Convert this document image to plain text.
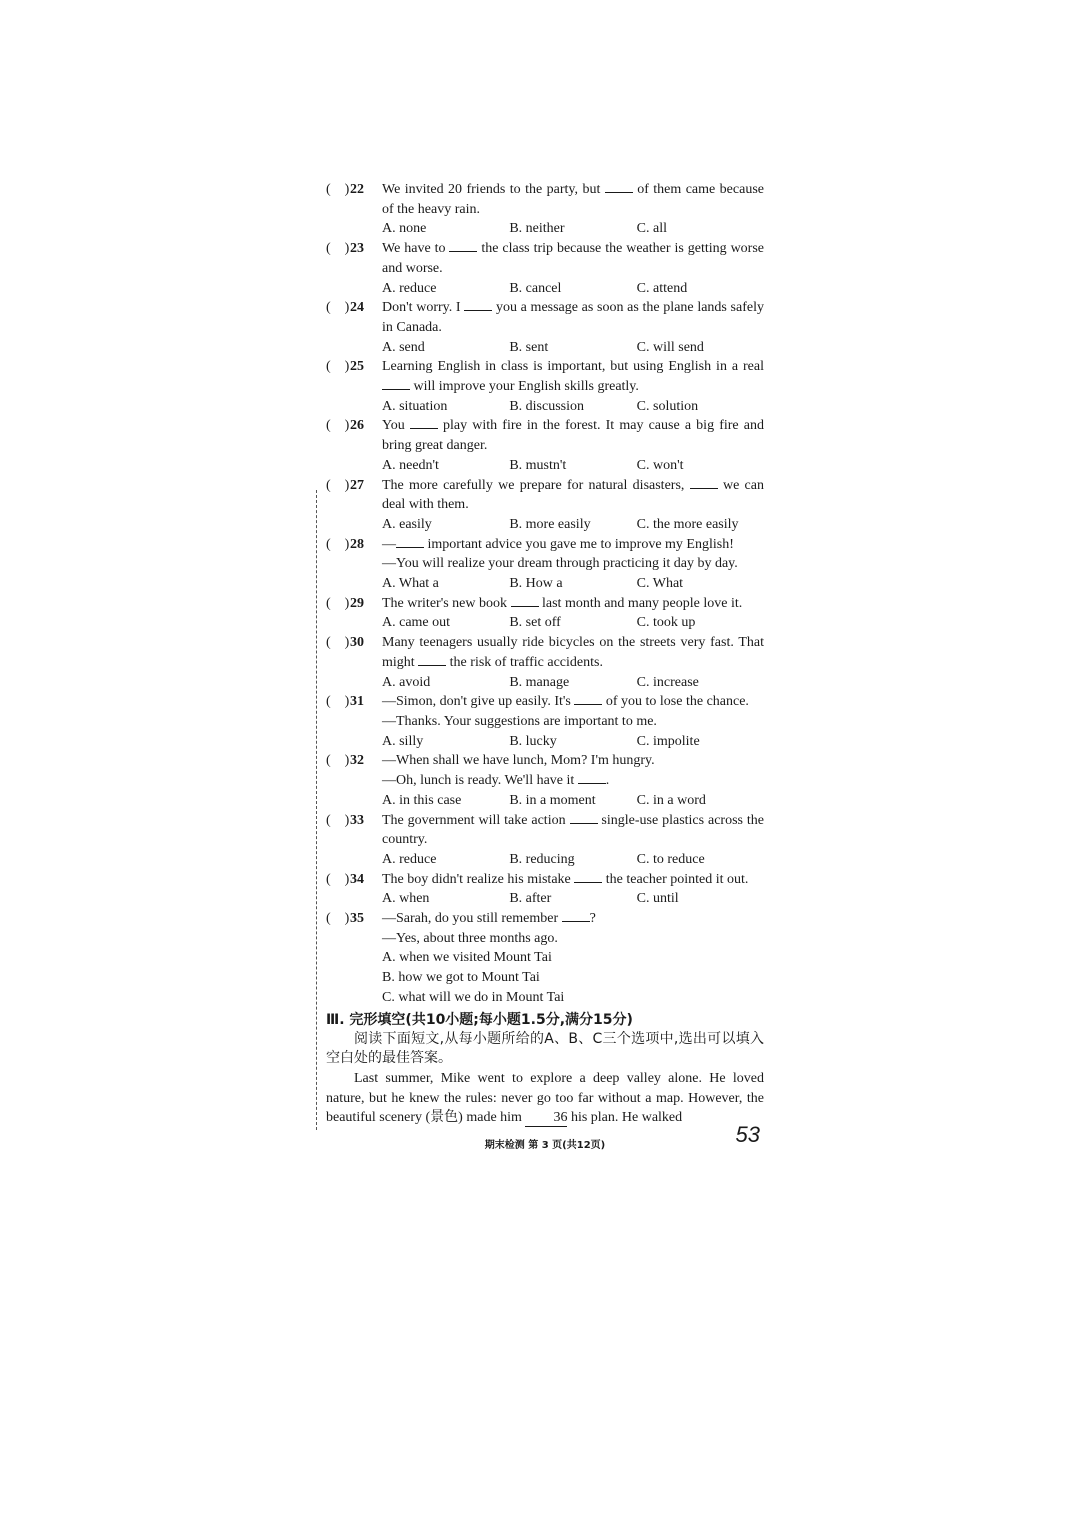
( ) 22 We invited 20 friends to the party, but  of them came because of the heavy rain.
A. none	B. neither	C. all
( ) 23 We have to  the class trip because the weather is getting worse and worse.
A. reduce	B. cancel	C. attend
( ) 24 Don't worry. I  you a message as soon as the plane lands safely in Canada.
A. send	B. sent	C. will send
( ) 25 Learning English in class is important, but using English in a real  will improve your English skills greatly.
A. situation	B. discussion	C. solution
( ) 26 You  play with fire in the forest. It may cause a big fire and bring great danger.
A. needn't	B. mustn't	C. won't
( ) 27 The more carefully we prepare for natural disasters,  we can deal with them.
A. easily	B. more easily	C. the more easily
( ) 28 — important advice you gave me to improve my English!
—You will realize your dream through practicing it day by day.
A. What a	B. How a	C. What
( ) 29 The writer's new book  last month and many people love it.
A. came out	B. set off	C. took up
( ) 30 Many teenagers usually ride bicycles on the streets very fast. That might  the risk of traffic accidents.
A. avoid	B. manage	C. increase
( ) 31 —Simon, don't give up easily. It's  of you to lose the chance.
—Thanks. Your suggestions are important to me.
A. silly	B. lucky	C. impolite
( ) 32 —When shall we have lunch, Mom? I'm hungry.
—Oh, lunch is ready. We'll have it .
A. in this case	B. in a moment	C. in a word
( ) 33 The government will take action  single-use plastics across the country.
A. reduce	B. reducing	C. to reduce
( ) 34 The boy didn't realize his mistake  the teacher pointed it out.
A. when	B. after	C. until
( ) 35 —Sarah, do you still remember ?
—Yes, about three months ago.
A. when we visited Mount Tai
B. how we got to Mount Tai
C. what will we do in Mount Tai
Ⅲ. 完形填空(共10小题;每小题1.5分,满分15分)
阅读下面短文,从每小题所给的A、B、C三个选项中,选出可以填入空白处的最佳答案。
Last summer, Mike went to explore a deep valley alone. He loved nature, but he knew the rules: never go too far without a map. However, the beautiful scenery (景色) made him 36 his plan. He walked
期末检测 第 3 页(共12页)	53
